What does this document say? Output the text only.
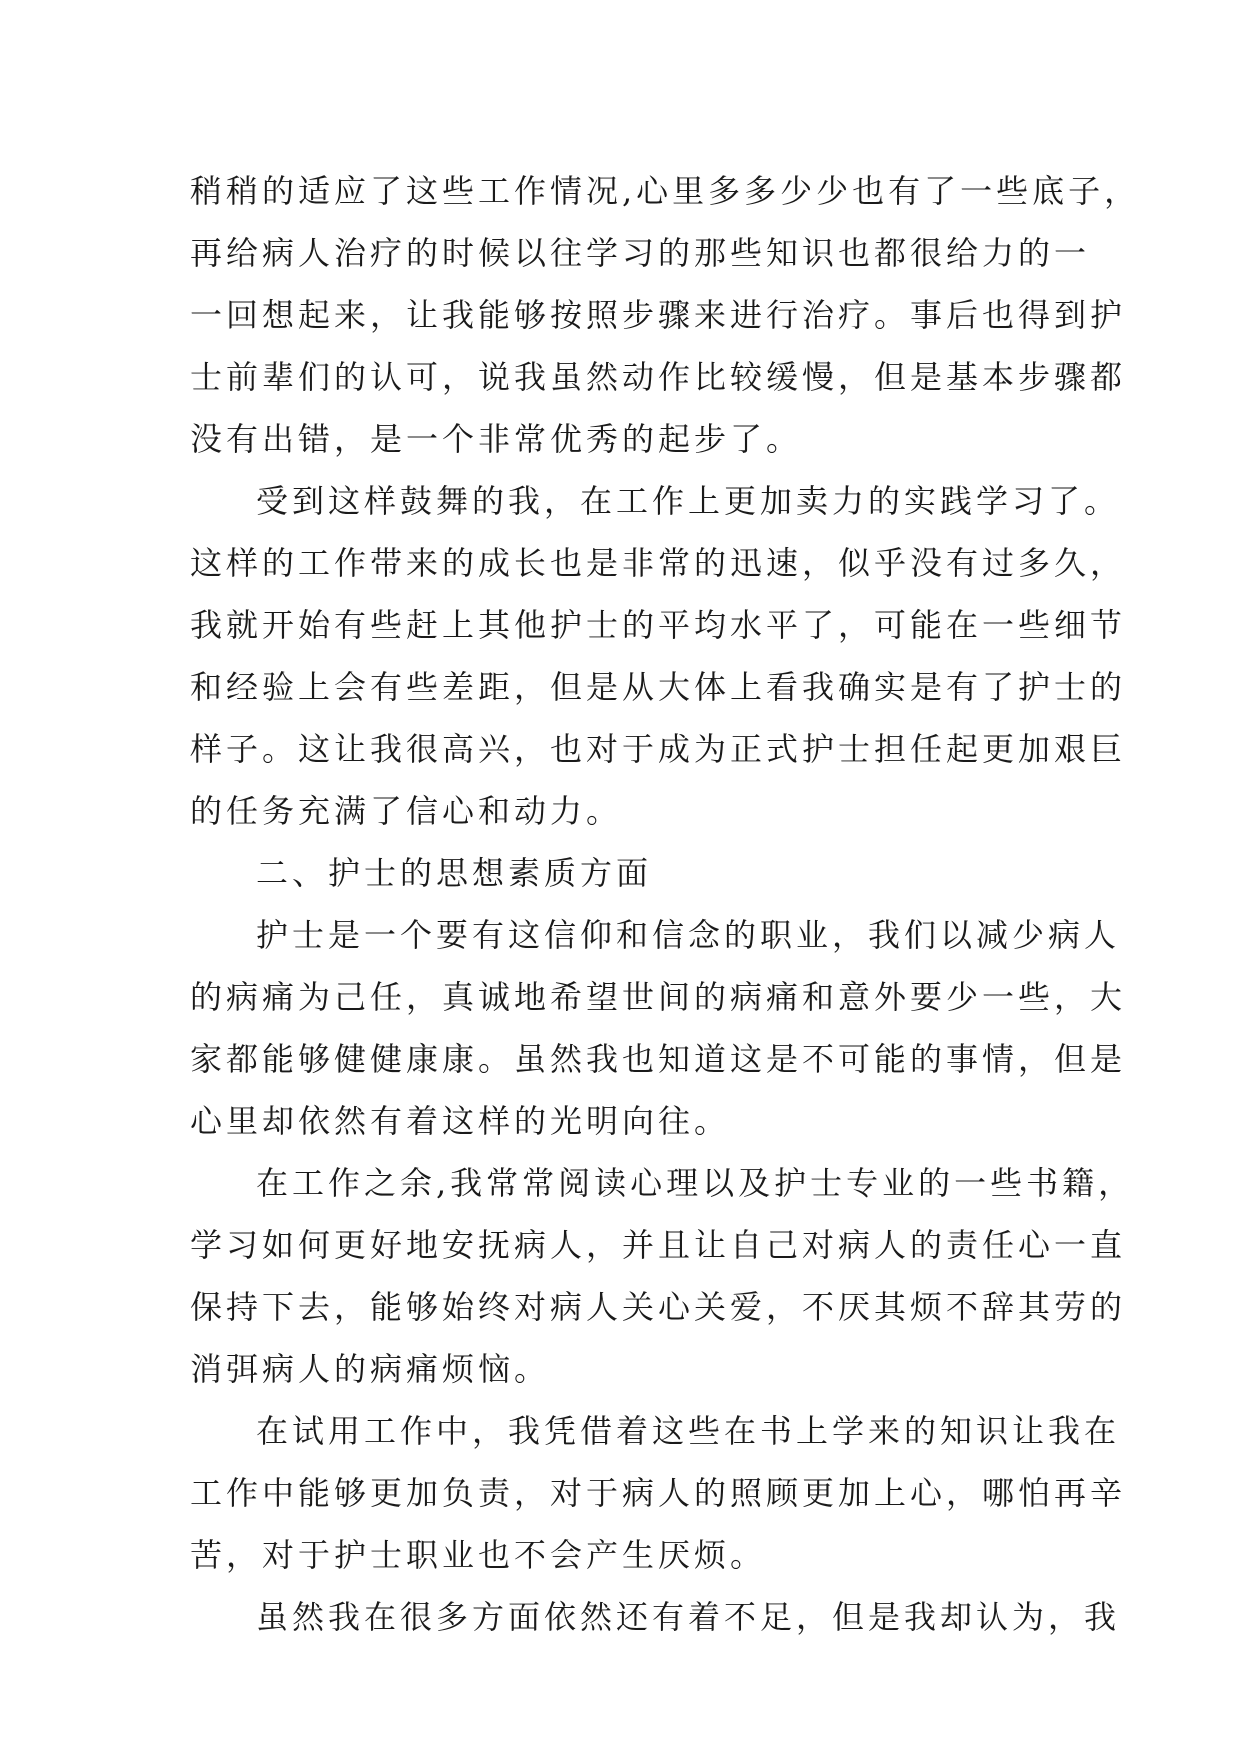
稍稍的适应了这些工作情况,心里多多少少也有了一些底子，
再给病人治疗的时候以往学习的那些知识也都很给力的一
一回想起来，让我能够按照步骤来进行治疗。事后也得到护
士前辈们的认可，说我虽然动作比较缓慢，但是基本步骤都
没有出错，是一个非常优秀的起步了。
受到这样鼓舞的我，在工作上更加卖力的实践学习了。
这样的工作带来的成长也是非常的迅速，似乎没有过多久，
我就开始有些赶上其他护士的平均水平了，可能在一些细节
和经验上会有些差距，但是从大体上看我确实是有了护士的
样子。这让我很高兴，也对于成为正式护士担任起更加艰巨
的任务充满了信心和动力。
二、护士的思想素质方面
护士是一个要有这信仰和信念的职业，我们以减少病人
的病痛为己任，真诚地希望世间的病痛和意外要少一些，大
家都能够健健康康。虽然我也知道这是不可能的事情，但是
心里却依然有着这样的光明向往。
在工作之余,我常常阅读心理以及护士专业的一些书籍，
学习如何更好地安抚病人，并且让自己对病人的责任心一直
保持下去，能够始终对病人关心关爱，不厌其烦不辞其劳的
消弭病人的病痛烦恼。
在试用工作中，我凭借着这些在书上学来的知识让我在
工作中能够更加负责，对于病人的照顾更加上心，哪怕再辛
苦，对于护士职业也不会产生厌烦。
虽然我在很多方面依然还有着不足，但是我却认为，我
